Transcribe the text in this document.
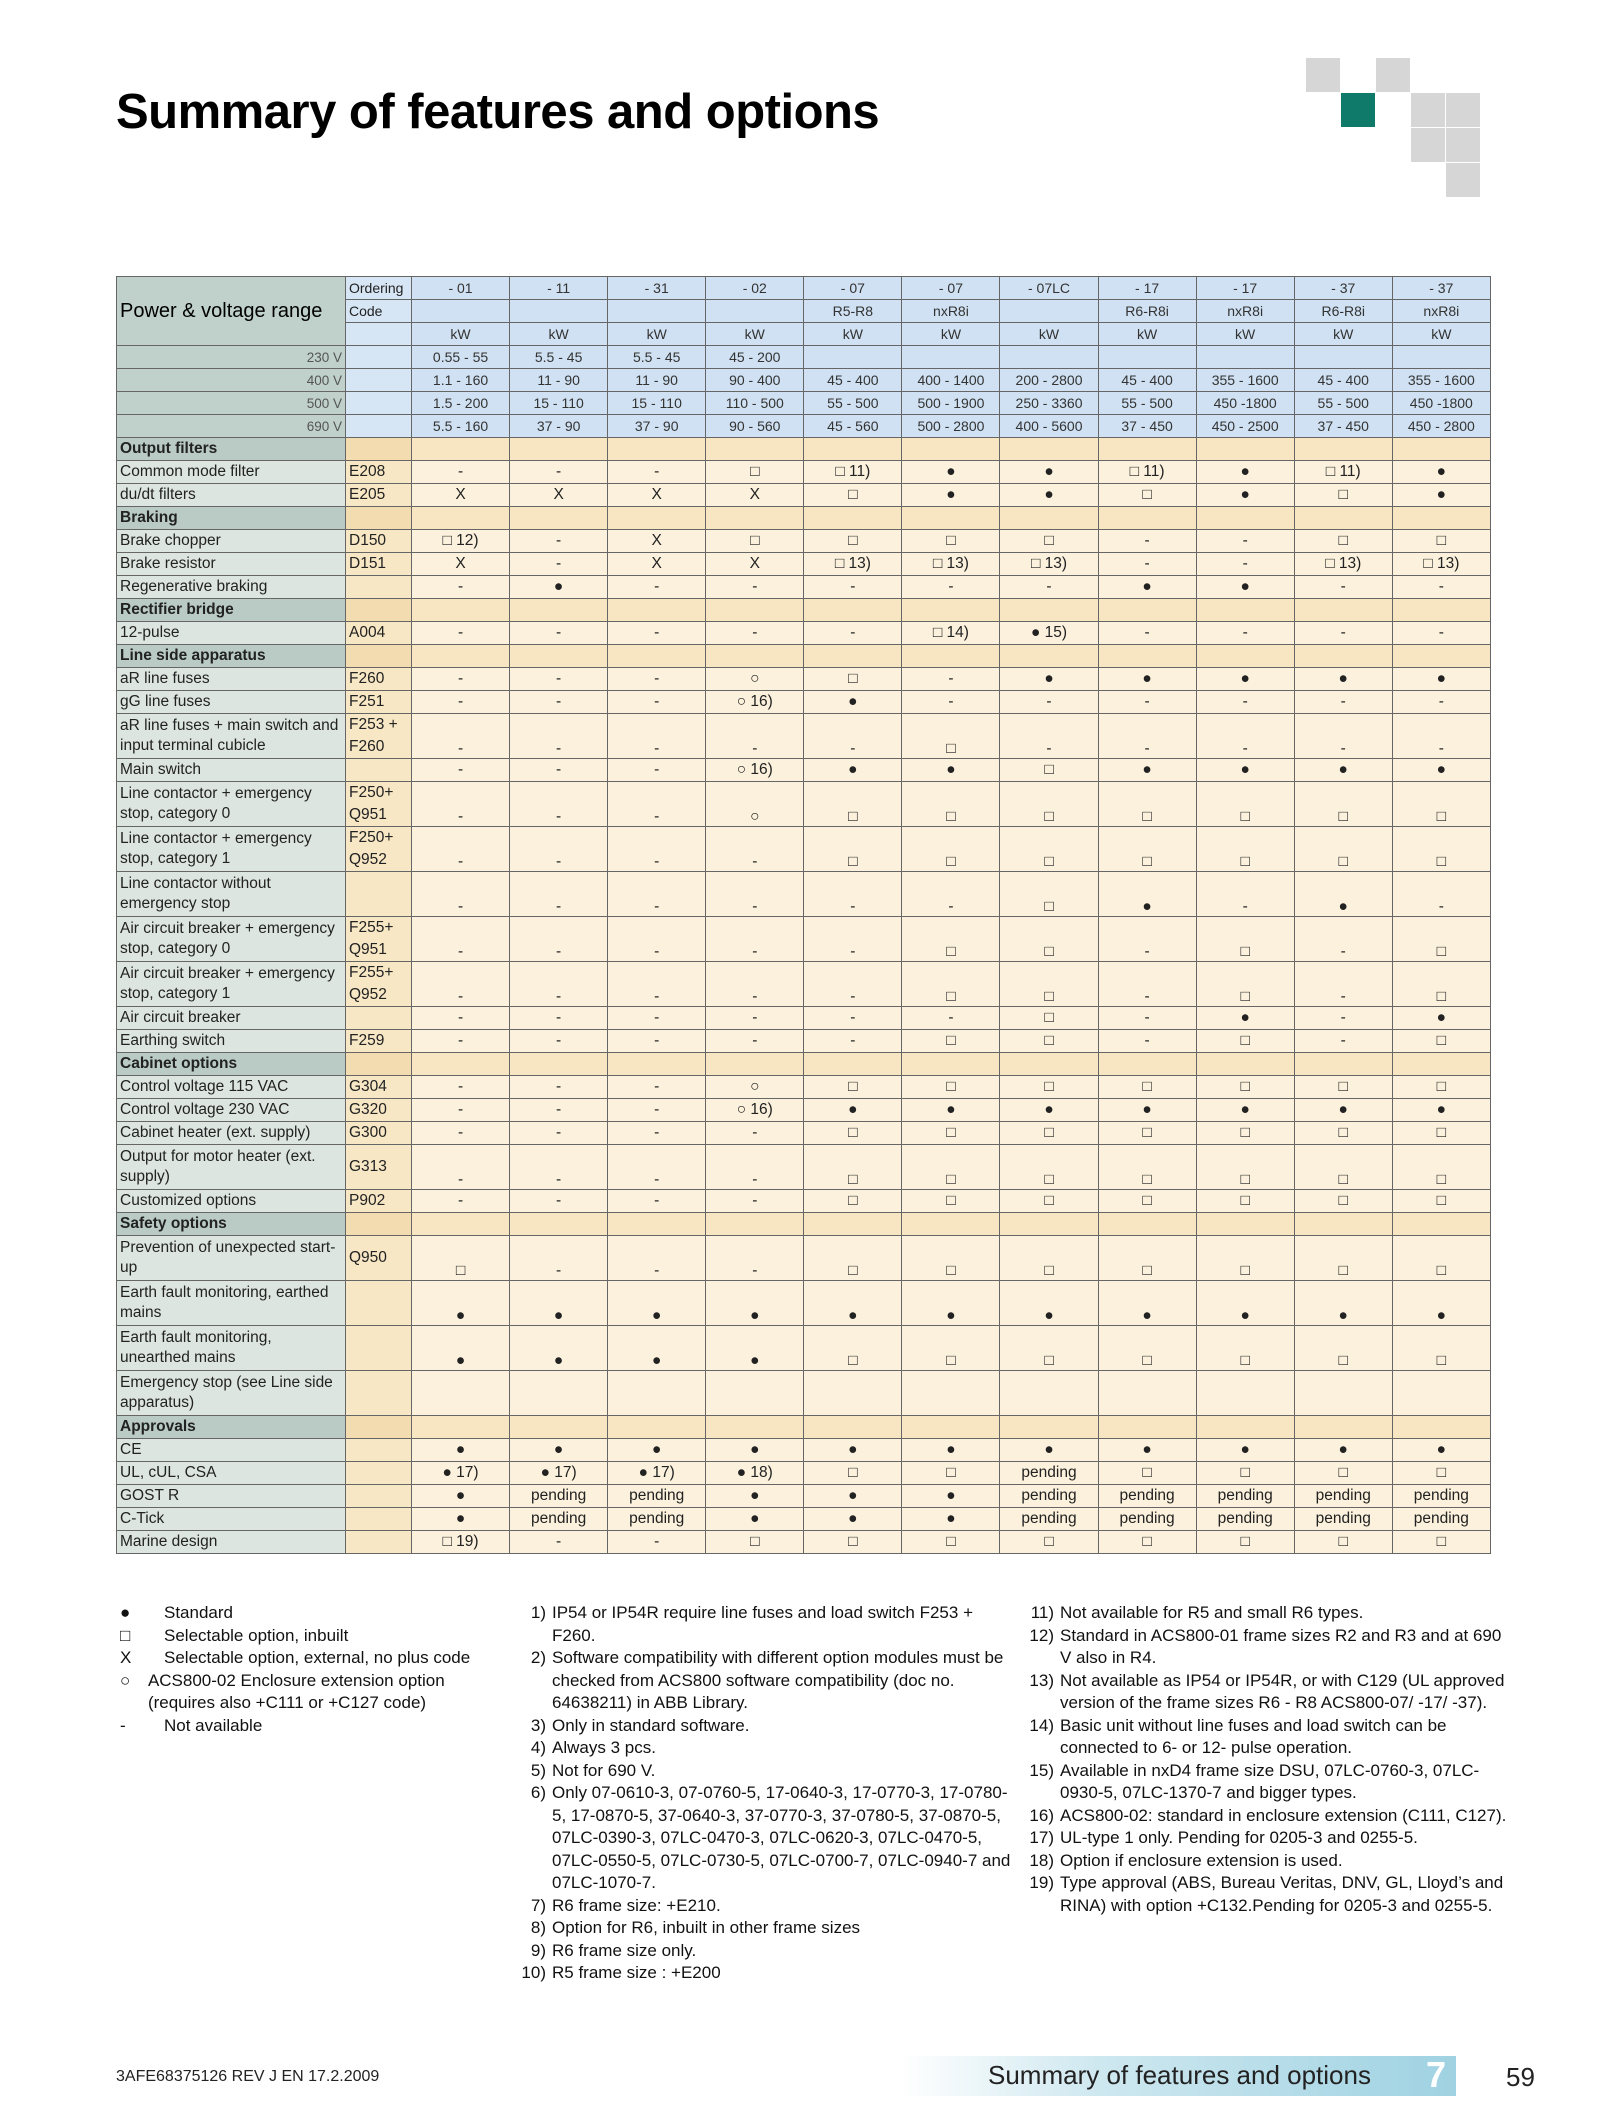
Summary of features and options
Power & voltage range	Ordering	- 01	- 11	- 31	- 02	- 07	- 07	- 07LC	- 17	- 17	- 37	- 37
	Code					R5-R8	nxR8i		R6-R8i	nxR8i	R6-R8i	nxR8i
		kW	kW	kW	kW	kW	kW	kW	kW	kW	kW	kW
230 V		0.55 - 55	5.5 - 45	5.5 - 45	45 - 200							
400 V		1.1 - 160	11 - 90	11 - 90	90 - 400	45 - 400	400 - 1400	200 - 2800	45 - 400	355 - 1600	45 - 400	355 - 1600
500 V		1.5 - 200	15 - 110	15 - 110	110 - 500	55 - 500	500 - 1900	250 - 3360	55 - 500	450 -1800	55 - 500	450 -1800
690 V		5.5 - 160	37 - 90	37 - 90	90 - 560	45 - 560	500 - 2800	400 - 5600	37 - 450	450 - 2500	37 - 450	450 - 2800
Output filters												
Common mode filter	E208	-	-	-	□	□ 11)	●	●	□ 11)	●	□ 11)	●
du/dt filters	E205	X	X	X	X	□	●	●	□	●	□	●
Braking												
Brake chopper	D150	□ 12)	-	X	□	□	□	□	-	-	□	□
Brake resistor	D151	X	-	X	X	□ 13)	□ 13)	□ 13)	-	-	□ 13)	□ 13)
Regenerative braking		-	●	-	-	-	-	-	●	●	-	-
Rectifier bridge												
12-pulse	A004	-	-	-	-	-	□ 14)	● 15)	-	-	-	-
Line side apparatus												
aR line fuses	F260	-	-	-	○	□	-	●	●	●	●	●
gG line fuses	F251	-	-	-	○ 16)	●	-	-	-	-	-	-
aR line fuses + main switch and input terminal cubicle	F253 + F260	-	-	-	-	-	□	-	-	-	-	-
Main switch		-	-	-	○ 16)	●	●	□	●	●	●	●
Line contactor + emergency stop, category 0	F250+ Q951	-	-	-	○	□	□	□	□	□	□	□
Line contactor + emergency stop, category 1	F250+ Q952	-	-	-	-	□	□	□	□	□	□	□
Line contactor without emergency stop		-	-	-	-	-	-	□	●	-	●	-
Air circuit breaker + emergency stop, category 0	F255+ Q951	-	-	-	-	-	□	□	-	□	-	□
Air circuit breaker + emergency stop, category 1	F255+ Q952	-	-	-	-	-	□	□	-	□	-	□
Air circuit breaker		-	-	-	-	-	-	□	-	●	-	●
Earthing switch	F259	-	-	-	-	-	□	□	-	□	-	□
Cabinet options												
Control voltage 115 VAC	G304	-	-	-	○	□	□	□	□	□	□	□
Control voltage 230 VAC	G320	-	-	-	○ 16)	●	●	●	●	●	●	●
Cabinet heater (ext. supply)	G300	-	-	-	-	□	□	□	□	□	□	□
Output for motor heater (ext. supply)	G313	-	-	-	-	□	□	□	□	□	□	□
Customized options	P902	-	-	-	-	□	□	□	□	□	□	□
Safety options												
Prevention of unexpected start-up	Q950	□	-	-	-	□	□	□	□	□	□	□
Earth fault monitoring, earthed mains		●	●	●	●	●	●	●	●	●	●	●
Earth fault monitoring, unearthed mains		●	●	●	●	□	□	□	□	□	□	□
Emergency stop (see Line side apparatus)												
Approvals												
CE		●	●	●	●	●	●	●	●	●	●	●
UL, cUL, CSA		● 17)	● 17)	● 17)	● 18)	□	□	pending	□	□	□	□
GOST R		●	pending	pending	●	●	●	pending	pending	pending	pending	pending
C-Tick		●	pending	pending	●	●	●	pending	pending	pending	pending	pending
Marine design		□ 19)	-	-	□	□	□	□	□	□	□	□
●	Standard
□	Selectable option, inbuilt
X	Selectable option, external, no plus code
○	ACS800-02 Enclosure extension option (requires also +C111 or +C127 code)
-	Not available
1) IP54 or IP54R require line fuses and load switch F253 + F260.
2) Software compatibility with different option modules must be checked from ACS800 software compatibility (doc no. 64638211) in ABB Library.
3) Only in standard software.
4) Always 3 pcs.
5) Not for 690 V.
6) Only 07-0610-3, 07-0760-5, 17-0640-3, 17-0770-3, 17-0780-5, 17-0870-5, 37-0640-3, 37-0770-3, 37-0780-5, 37-0870-5, 07LC-0390-3, 07LC-0470-3, 07LC-0620-3, 07LC-0470-5, 07LC-0550-5, 07LC-0730-5, 07LC-0700-7, 07LC-0940-7 and 07LC-1070-7.
7) R6 frame size: +E210.
8) Option for R6, inbuilt in other frame sizes
9) R6 frame size only.
10) R5 frame size : +E200
11) Not available for R5 and small R6 types.
12) Standard in ACS800-01 frame sizes R2 and R3 and at 690 V also in R4.
13) Not available as IP54 or IP54R, or with C129 (UL approved version of the frame sizes R6 - R8 ACS800-07/ -17/ -37).
14) Basic unit without line fuses and load switch can be connected to 6- or 12- pulse operation.
15) Available in nxD4 frame size DSU, 07LC-0760-3, 07LC-0930-5, 07LC-1370-7 and bigger types.
16) ACS800-02: standard in enclosure extension (C111, C127).
17) UL-type 1 only. Pending for 0205-3 and 0255-5.
18) Option if enclosure extension is used.
19) Type approval (ABS, Bureau Veritas, DNV, GL, Lloyd’s and RINA) with option +C132.Pending for 0205-3 and 0255-5.
3AFE68375126 REV J EN 17.2.2009	Summary of features and options 7 59
